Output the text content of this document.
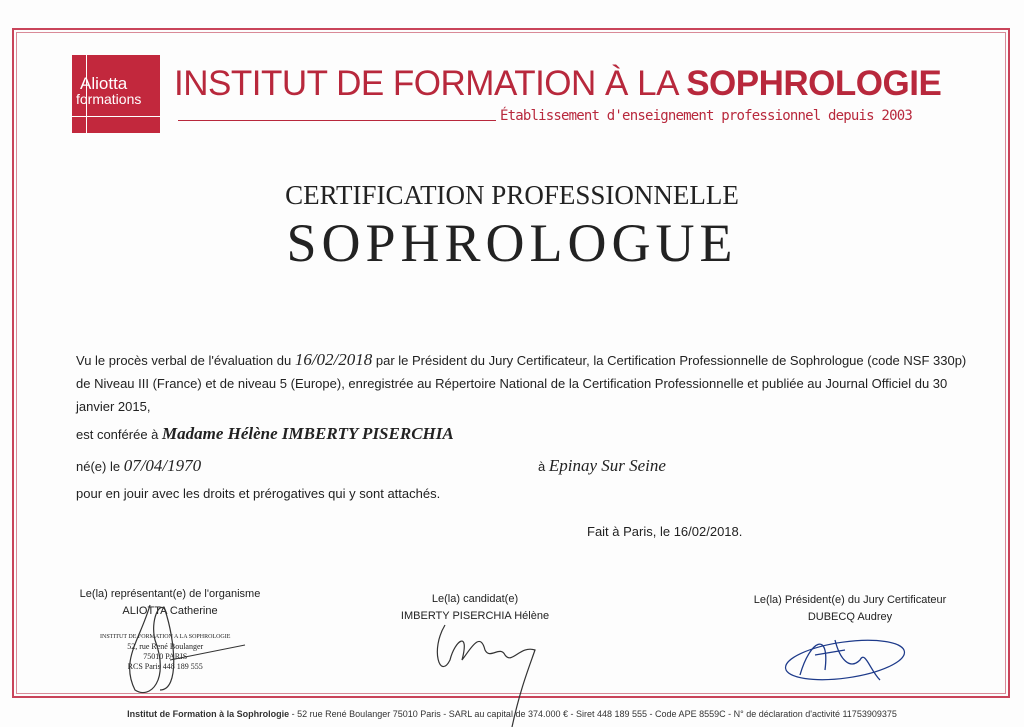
Aliotta
formations INSTITUT DE FORMATION À LA SOPHROLOGIE
Établissement d'enseignement professionnel depuis 2003
CERTIFICATION PROFESSIONNELLE
SOPHROLOGUE
Vu le procès verbal de l'évaluation du 16/02/2018 par le Président du Jury Certificateur, la Certification Professionnelle de Sophrologue (code NSF 330p) de Niveau III (France) et de niveau 5 (Europe), enregistrée au Répertoire National de la Certification Professionnelle et publiée au Journal Officiel du 30 janvier 2015,
est conférée à Madame Hélène IMBERTY PISERCHIA
né(e) le 07/04/1970	à Epinay Sur Seine
pour en jouir avec les droits et prérogatives qui y sont attachés.
Fait à Paris, le 16/02/2018.
Le(la) représentant(e) de l'organisme
ALIOTTA Catherine
Le(la) candidat(e)
IMBERTY PISERCHIA Hélène
Le(la) Président(e) du Jury Certificateur
DUBECQ Audrey
INSTITUT DE FORMATION A LA SOPHROLOGIE
52, rue René Boulanger
75010 PARIS
RCS Paris 448 189 555
Institut de Formation à la Sophrologie - 52 rue René Boulanger 75010 Paris - SARL au capital de 374.000 € - Siret 448 189 555 - Code APE 8559C - N° de déclaration d'activité 11753909375
